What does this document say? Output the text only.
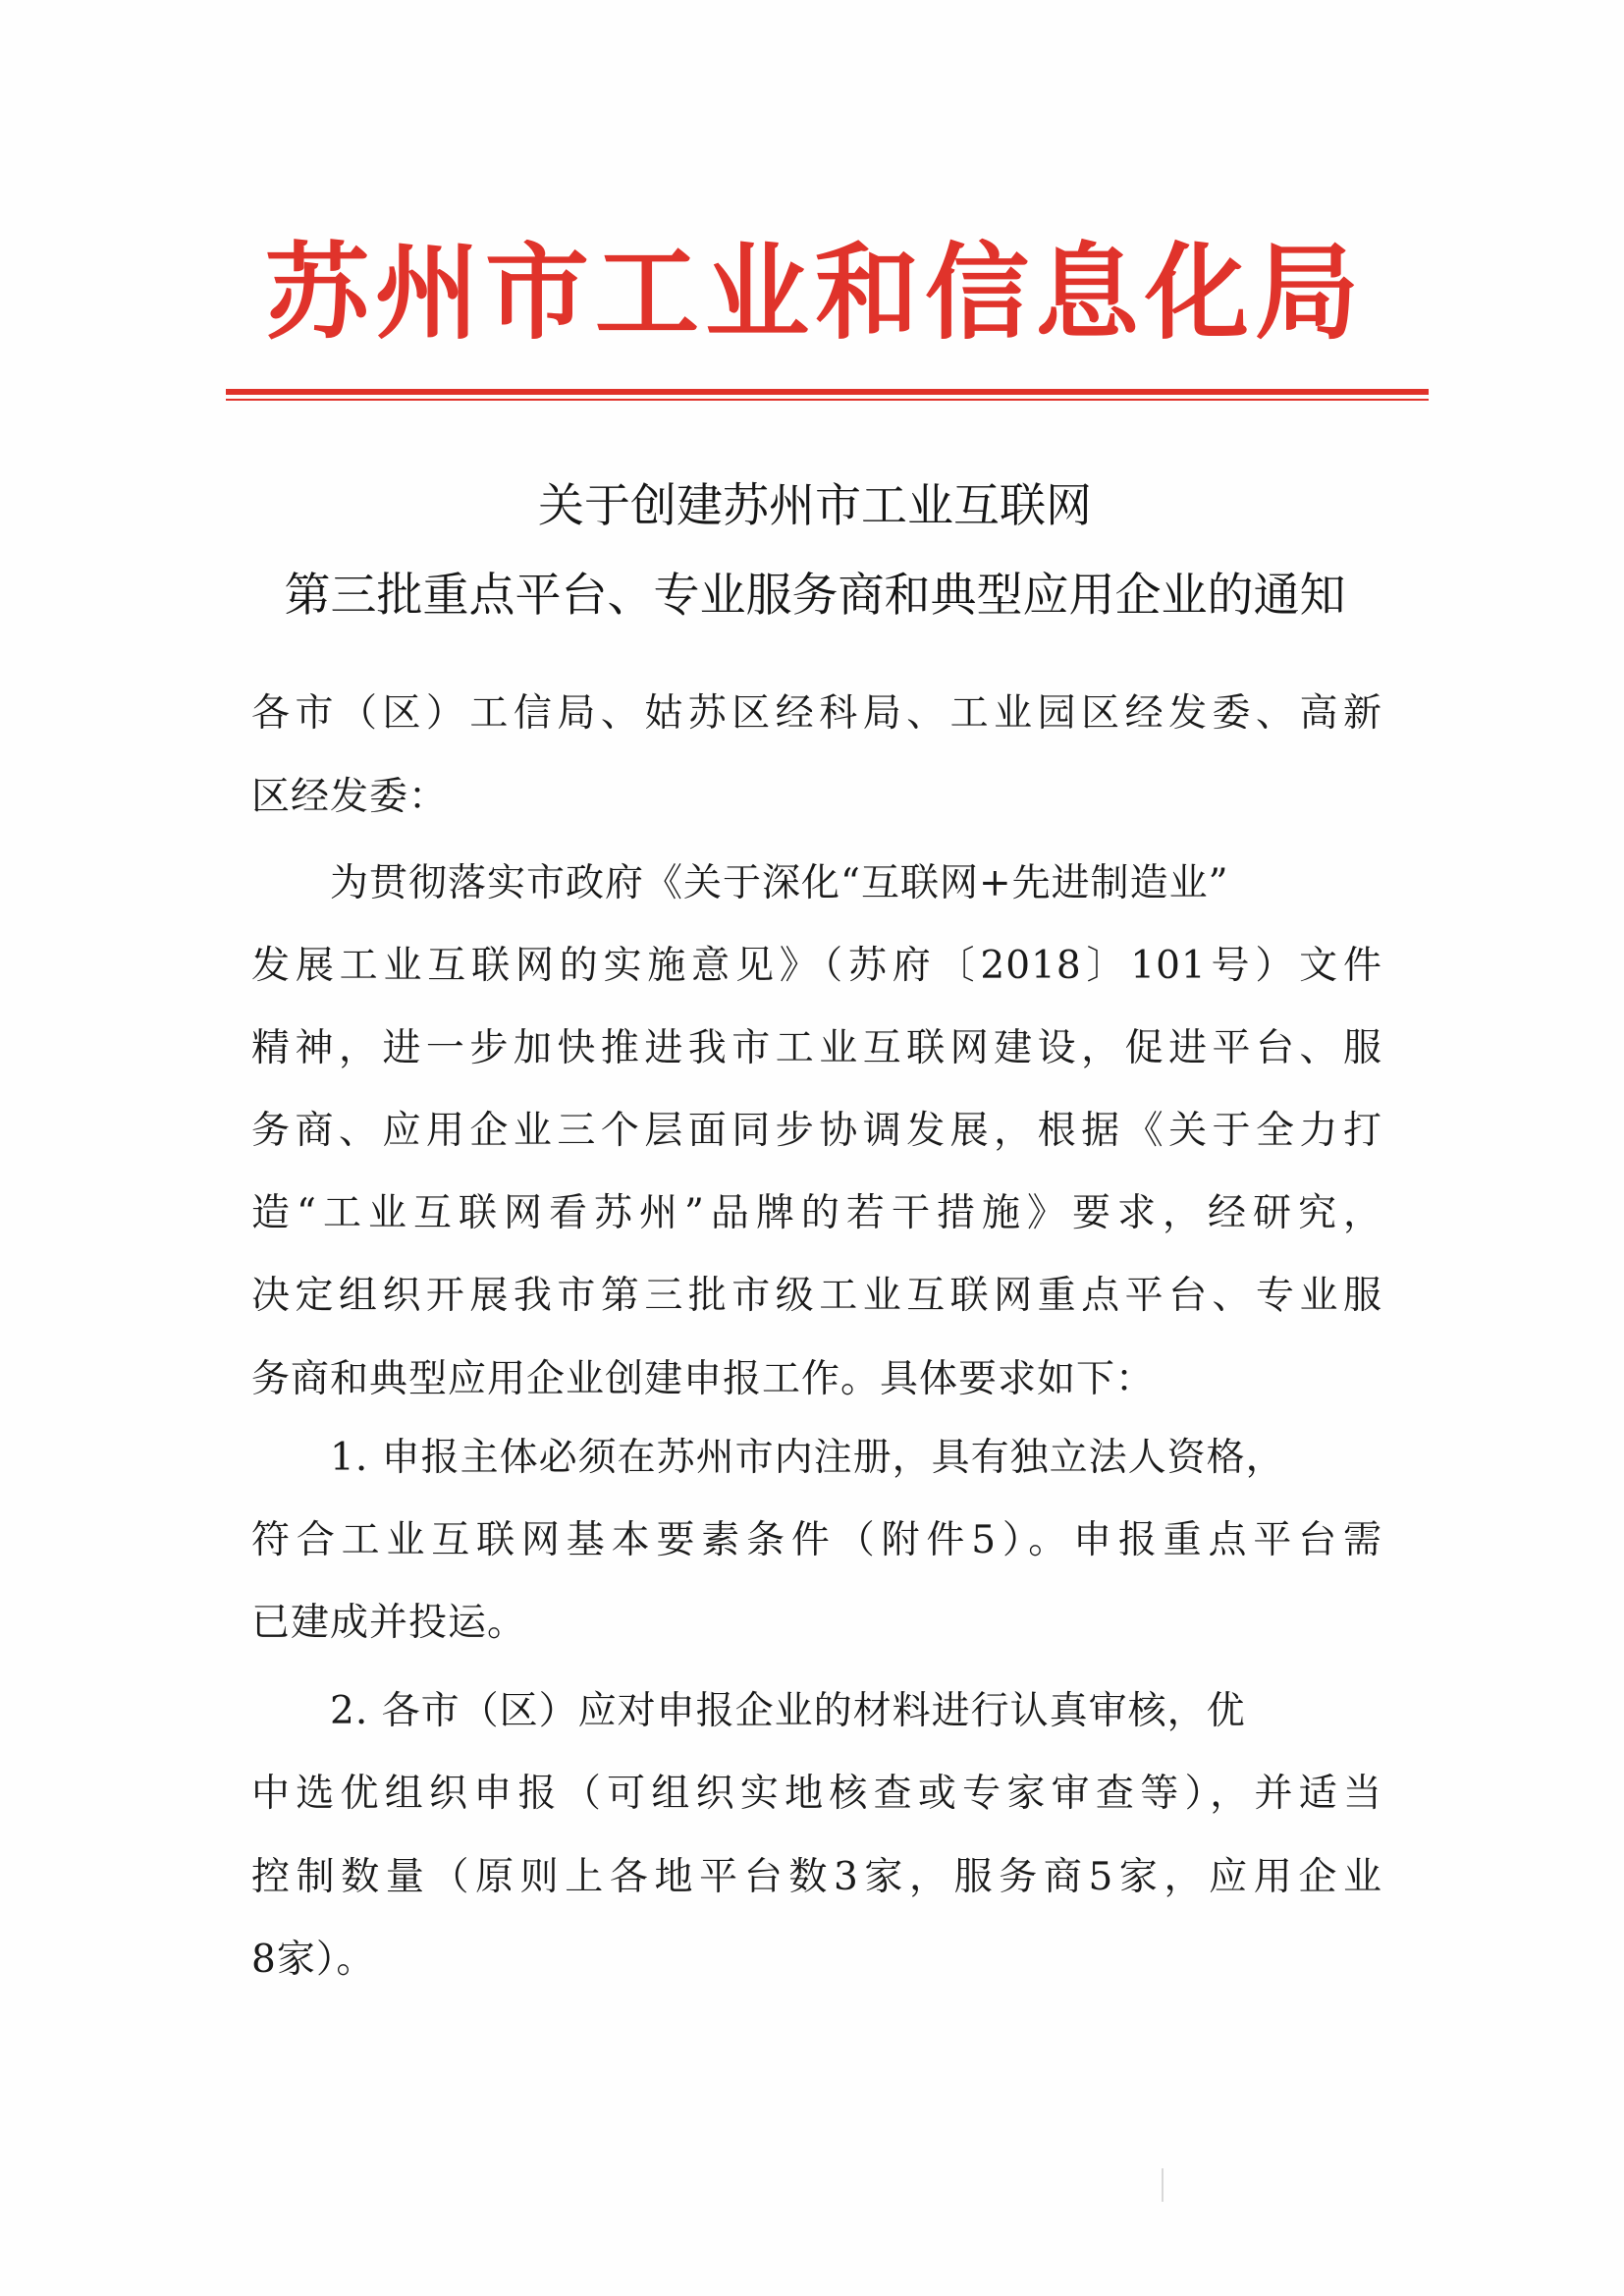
苏州市工业和信息化局
关于创建苏州市工业互联网
第三批重点平台、专业服务商和典型应用企业的通知
各市（区）工信局、姑苏区经科局、工业园区经发委、高新
区经发委：
为贯彻落实市政府《关于深化“互联网+先进制造业”
发展工业互联网的实施意见》（苏府〔2018〕101号）文件
精神，进一步加快推进我市工业互联网建设，促进平台、服
务商、应用企业三个层面同步协调发展，根据《关于全力打
造“工业互联网看苏州”品牌的若干措施》要求，经研究，
决定组织开展我市第三批市级工业互联网重点平台、专业服
务商和典型应用企业创建申报工作。具体要求如下：
1. 申报主体必须在苏州市内注册，具有独立法人资格，
符合工业互联网基本要素条件（附件5）。申报重点平台需
已建成并投运。
2. 各市（区）应对申报企业的材料进行认真审核，优
中选优组织申报（可组织实地核查或专家审查等），并适当
控制数量（原则上各地平台数3家，服务商5家，应用企业
8家）。
